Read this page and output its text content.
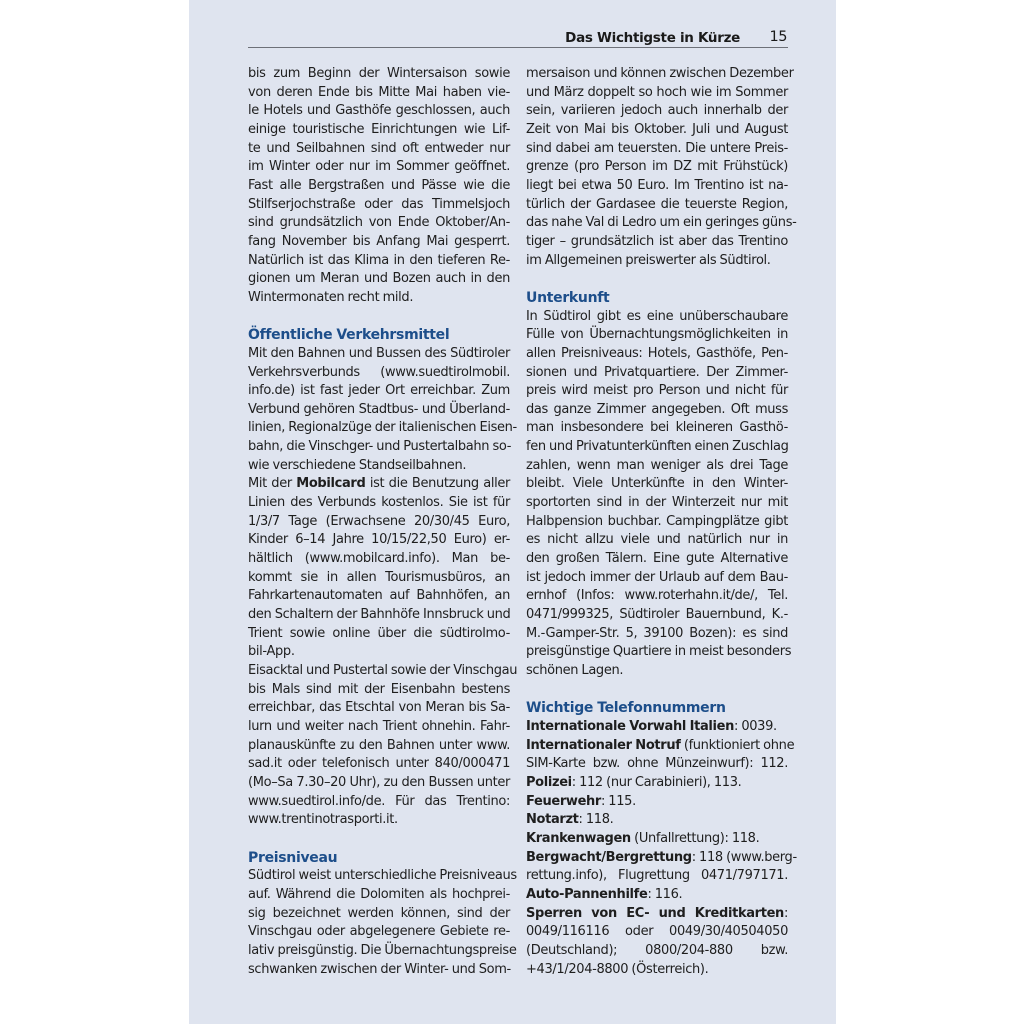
Das Wichtigste in Kürze 15
bis zum Beginn der Wintersaison sowie
von deren Ende bis Mitte Mai haben vie-
le Hotels und Gasthöfe geschlossen, auch
einige touristische Einrichtungen wie Lif-
te und Seilbahnen sind oft entweder nur
im Winter oder nur im Sommer geöffnet.
Fast alle Bergstraßen und Pässe wie die
Stilfserjochstraße oder das Timmelsjoch
sind grundsätzlich von Ende Oktober/An-
fang November bis Anfang Mai gesperrt.
Natürlich ist das Klima in den tieferen Re-
gionen um Meran und Bozen auch in den
Wintermonaten recht mild.
Öffentliche Verkehrsmittel
Mit den Bahnen und Bussen des Südtiroler
Verkehrsverbunds (www.suedtirolmobil.
info.de) ist fast jeder Ort erreichbar. Zum
Verbund gehören Stadtbus- und Überland-
linien, Regionalzüge der italienischen Eisen-
bahn, die Vinschger- und Pustertalbahn so-
wie verschiedene Standseilbahnen.
Mit der Mobilcard ist die Benutzung aller
Linien des Verbunds kostenlos. Sie ist für
1/3/7 Tage (Erwachsene 20/30/45 Euro,
Kinder 6–14 Jahre 10/15/22,50 Euro) er-
hältlich (www.mobilcard.info). Man be-
kommt sie in allen Tourismusbüros, an
Fahrkartenautomaten auf Bahnhöfen, an
den Schaltern der Bahnhöfe Innsbruck und
Trient sowie online über die südtirolmo-
bil-App.
Eisacktal und Pustertal sowie der Vinschgau
bis Mals sind mit der Eisenbahn bestens
erreichbar, das Etschtal von Meran bis Sa-
lurn und weiter nach Trient ohnehin. Fahr-
planauskünfte zu den Bahnen unter www.
sad.it oder telefonisch unter 840/000471
(Mo–Sa 7.30–20 Uhr), zu den Bussen unter
www.suedtirol.info/de. Für das Trentino:
www.trentinotrasporti.it.
Preisniveau
Südtirol weist unterschiedliche Preisniveaus
auf. Während die Dolomiten als hochprei-
sig bezeichnet werden können, sind der
Vinschgau oder abgelegenere Gebiete re-
lativ preisgünstig. Die Übernachtungspreise
schwanken zwischen der Winter- und Som-
mersaison und können zwischen Dezember
und März doppelt so hoch wie im Sommer
sein, variieren jedoch auch innerhalb der
Zeit von Mai bis Oktober. Juli und August
sind dabei am teuersten. Die untere Preis-
grenze (pro Person im DZ mit Frühstück)
liegt bei etwa 50 Euro. Im Trentino ist na-
türlich der Gardasee die teuerste Region,
das nahe Val di Ledro um ein geringes güns-
tiger – grundsätzlich ist aber das Trentino
im Allgemeinen preiswerter als Südtirol.
Unterkunft
In Südtirol gibt es eine unüberschaubare
Fülle von Übernachtungsmöglichkeiten in
allen Preisniveaus: Hotels, Gasthöfe, Pen-
sionen und Privatquartiere. Der Zimmer-
preis wird meist pro Person und nicht für
das ganze Zimmer angegeben. Oft muss
man insbesondere bei kleineren Gasthö-
fen und Privatunterkünften einen Zuschlag
zahlen, wenn man weniger als drei Tage
bleibt. Viele Unterkünfte in den Winter-
sportorten sind in der Winterzeit nur mit
Halbpension buchbar. Campingplätze gibt
es nicht allzu viele und natürlich nur in
den großen Tälern. Eine gute Alternative
ist jedoch immer der Urlaub auf dem Bau-
ernhof (Infos: www.roterhahn.it/de/, Tel.
0471/999325, Südtiroler Bauernbund, K.-
M.-Gamper-Str. 5, 39100 Bozen): es sind
preisgünstige Quartiere in meist besonders
schönen Lagen.
Wichtige Telefonnummern
Internationale Vorwahl Italien: 0039.
Internationaler Notruf (funktioniert ohne
SIM-Karte bzw. ohne Münzeinwurf): 112.
Polizei: 112 (nur Carabinieri), 113.
Feuerwehr: 115.
Notarzt: 118.
Krankenwagen (Unfallrettung): 118.
Bergwacht/Bergrettung: 118 (www.berg-
rettung.info), Flugrettung 0471/797171.
Auto-Pannenhilfe: 116.
Sperren von EC- und Kreditkarten:
0049/116116 oder 0049/30/40504050
(Deutschland); 0800/204-880 bzw.
+43/1/204-8800 (Österreich).
